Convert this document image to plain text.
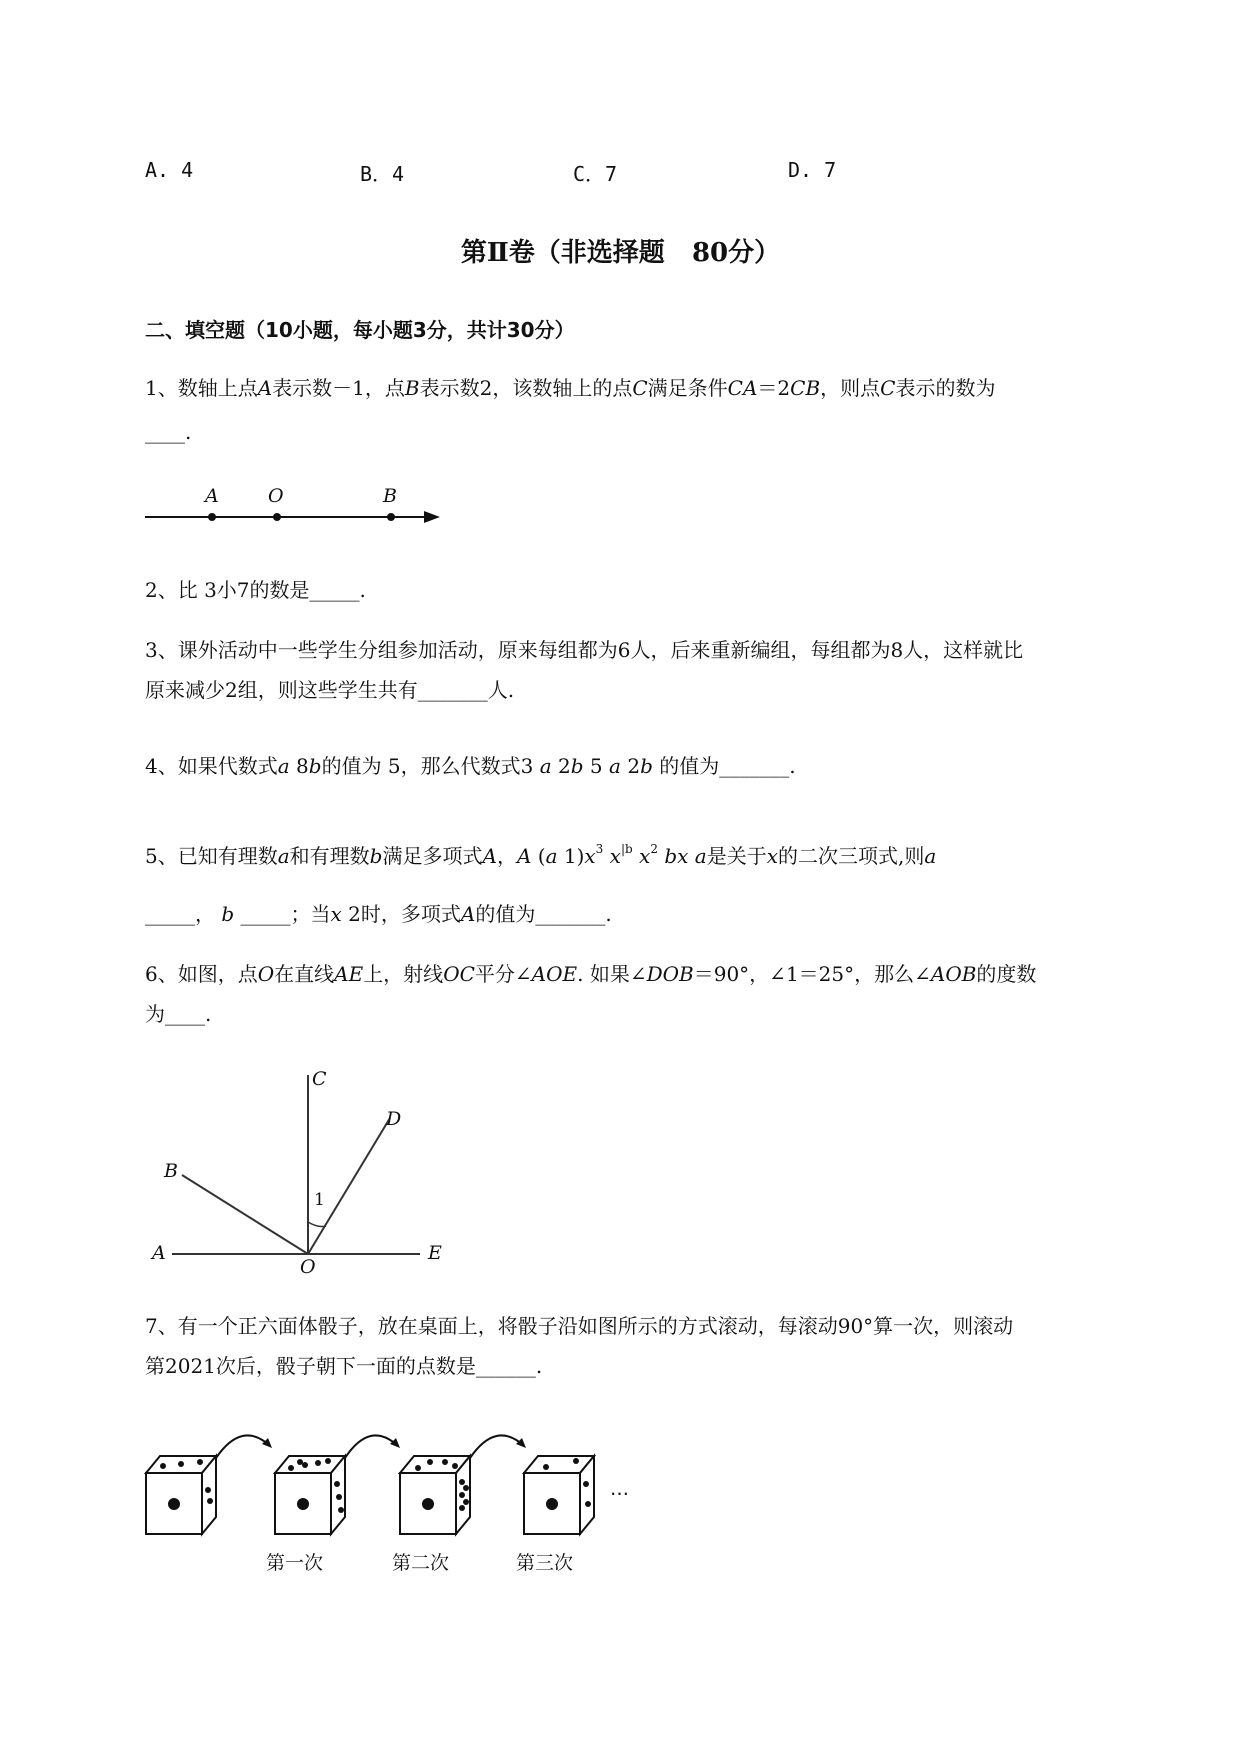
A. 4	B．4	C．7	D. 7
第Ⅱ卷（非选择题   80分）
二、填空题（10小题，每小题3分，共计30分）
1、数轴上点A表示数－1，点B表示数2，该数轴上的点C满足条件CA＝2CB，则点C表示的数为
____.
A	O	B
2、比 3小7的数是_____.
3、课外活动中一些学生分组参加活动，原来每组都为6人，后来重新编组，每组都为8人，这样就比
原来减少2组，则这些学生共有_______人.
4、如果代数式a 8b的值为 5，那么代数式3 a 2b 5 a 2b 的值为_______.
5、已知有理数a和有理数b满足多项式A，A (a $1)x^3$ $x^{|b}$ $x^2$ bx a是关于x的二次三项式,则a
_____， b _____；当x 2时，多项式A的值为_______.
6、如图，点O在直线AE上，射线OC平分∠AOE. 如果∠DOB＝90°，∠1＝25°，那么∠AOB的度数
为____.
C
D
B
A
O
E
1
7、有一个正六面体骰子，放在桌面上，将骰子沿如图所示的方式滚动，每滚动90°算一次，则滚动
第2021次后，骰子朝下一面的点数是______.
第一次	第二次	第三次
…
